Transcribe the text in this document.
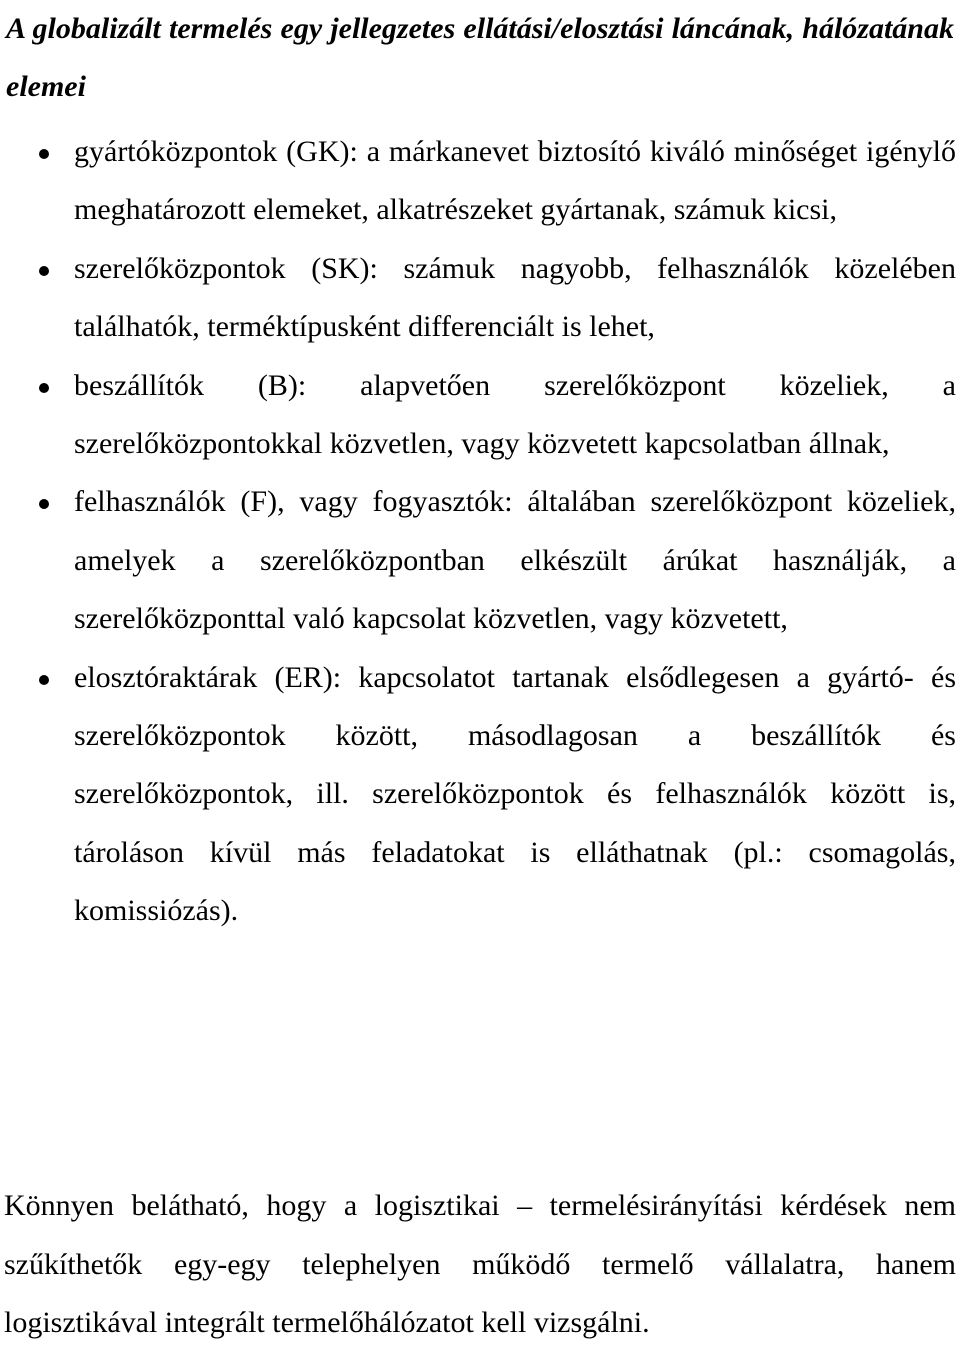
A globalizált termelés egy jellegzetes ellátási/elosztási láncának, hálózatának elemei
gyártóközpontok (GK): a márkanevet biztosító kiváló minőséget igénylő meghatározott elemeket, alkatrészeket gyártanak, számuk kicsi,
szerelőközpontok (SK): számuk nagyobb, felhasználók közelében találhatók, terméktípusként differenciált is lehet,
beszállítók (B): alapvetően szerelőközpont közeliek, a szerelőközpontokkal közvetlen, vagy közvetett kapcsolatban állnak,
felhasználók (F), vagy fogyasztók: általában szerelőközpont közeliek, amelyek a szerelőközpontban elkészült árúkat használják, a szerelőközponttal való kapcsolat közvetlen, vagy közvetett,
elosztóraktárak (ER): kapcsolatot tartanak elsődlegesen a gyártó- és szerelőközpontok között, másodlagosan a beszállítók és szerelőközpontok, ill. szerelőközpontok és felhasználók között is, tároláson kívül más feladatokat is elláthatnak (pl.: csomagolás, komissiózás).

Könnyen belátható, hogy a logisztikai – termelésirányítási kérdések nem szűkíthetők egy-egy telephelyen működő termelő vállalatra, hanem logisztikával integrált termelőhálózatot kell vizsgálni.
